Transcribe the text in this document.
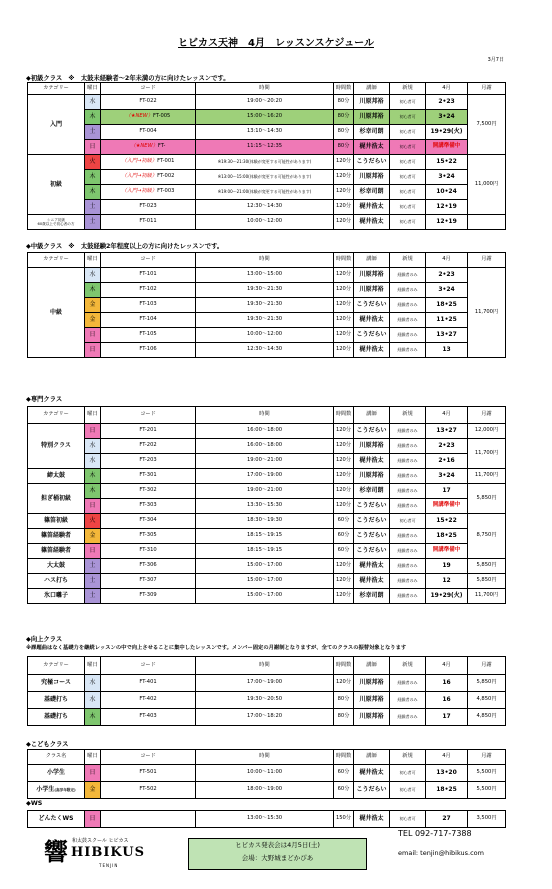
ヒビカス天神　4月　レッスンスケジュール
3月7日
◆初級クラス　※　太鼓未経験者～2年未満の方に向けたレッスンです。
カテゴリー	曜日	コード	時間	時間数	講師	新規	4月	月謝
入門	水	FT-022	19:00～20:20	80分	川原邦裕	初心者可	2•23	7,500円
	木	（★NEW）FT-005	15:00～16:20	80分	川原邦裕	初心者可	3•24	
	土	FT-004	13:10～14:30	80分	杉幸司朗	初心者可	19•29(火)	
	日	（★NEW）FT-	11:15～12:35	80分	梶井浩太	初心者可	開講準備中	
初級	火	（入門→初級）FT-001	※19:30～21:30(体験が変更する可能性があります)	120分	こうだらい	初心者可	15•22	11,000円
	木	（入門→初級）FT-002	※13:00～15:00(体験が変更する可能性があります)	120分	川原邦裕	初心者可	3•24	
	木	（入門→初級）FT-003	※19:00～21:00(体験が変更する可能性があります)	120分	杉幸司朗	初心者可	10•24	
	土	FT-023	12:30～14:30	120分	梶井浩太	初心者可	12•19	
シニア初級
60歳以上で初心者の方	土	FT-011	10:00～12:00	120分	梶井浩太	初心者可	12•19	
◆中級クラス　※　太鼓経験2年程度以上の方に向けたレッスンです。
カテゴリー	曜日	コード	時間	時間数	講師	新規	4月	月謝
中級	水	FT-101	13:00～15:00	120分	川原邦裕	経験者のみ	2•23	11,700円
	木	FT-102	19:30～21:30	120分	川原邦裕	経験者のみ	3•24	
	金	FT-103	19:30～21:30	120分	こうだらい	経験者のみ	18•25	
	金	FT-104	19:30～21:30	120分	梶井浩太	経験者のみ	11•25	
	日	FT-105	10:00～12:00	120分	こうだらい	経験者のみ	13•27	
	日	FT-106	12:30～14:30	120分	梶井浩太	経験者のみ	13	
◆専門クラス
カテゴリー	曜日	コード	時間	時間数	講師	新規	4月	月謝
特別クラス	日	FT-201	16:00～18:00	120分	こうだらい	経験者のみ	13•27	12,000円
	水	FT-202	16:00～18:00	120分	川原邦裕	経験者のみ	2•23	11,700円
	水	FT-203	19:00～21:00	120分	梶井浩太	経験者のみ	2•16	
締太鼓	木	FT-301	17:00～19:00	120分	川原邦裕	経験者のみ	3•24	11,700円
担ぎ桶初級	木	FT-302	19:00～21:00	120分	杉幸司朗	経験者のみ	17	5,850円
	日	FT-303	13:30～15:30	120分	こうだらい	経験者のみ	開講準備中	
篠笛初級	火	FT-304	18:30～19:30	60分	こうだらい	初心者可	15•22	8,750円
篠笛経験者	金	FT-305	18:15～19:15	60分	こうだらい	経験者のみ	18•25	
篠笛経験者	日	FT-310	18:15～19:15	60分	こうだらい	経験者のみ	開講準備中	
大太鼓	土	FT-306	15:00～17:00	120分	梶井浩太	経験者のみ	19	5,850円
ハス打ち	土	FT-307	15:00～17:00	120分	梶井浩太	経験者のみ	12	5,850円
氷口囃子	土	FT-309	15:00～17:00	120分	杉幸司朗	経験者のみ	19•29(火)	11,700円
◆向上クラス
※課題曲はなく基礎力を継続レッスンの中で向上させることに集中したレッスンです。メンバー固定の月謝制となりますが、全てのクラスの振替対象となります
カテゴリー	曜日	コード	時間	時間数	講師	新規	4月	月謝
究極コース	水	FT-401	17:00～19:00	120分	川原邦裕	経験者のみ	16	5,850円
基礎打ち	水	FT-402	19:30～20:50	80分	川原邦裕	経験者のみ	16	4,850円
基礎打ち	木	FT-403	17:00～18:20	80分	川原邦裕	経験者のみ	17	4,850円
◆こどもクラス
クラス名	曜日	コード	時間	時間数	講師	新規	4月	月謝
小学生	日	FT-501	10:00～11:00	60分	梶井浩太	初心者可	13•20	5,500円
小学生(高学年限定)	金	FT-502	18:00～19:00	60分	こうだらい	初心者可	18•25	5,500円
◆WS
どんたくWS	日		13:00～15:30	150分	梶井浩太	初心者可	27	3,500円
響 和太鼓スクール ヒビカス
HIBIKUS
TENJIN
ヒビカス発表会は4月5日(土)
会場：大野城まどかぴあ
TEL 092-717-7388
email: tenjin@hibikus.com
